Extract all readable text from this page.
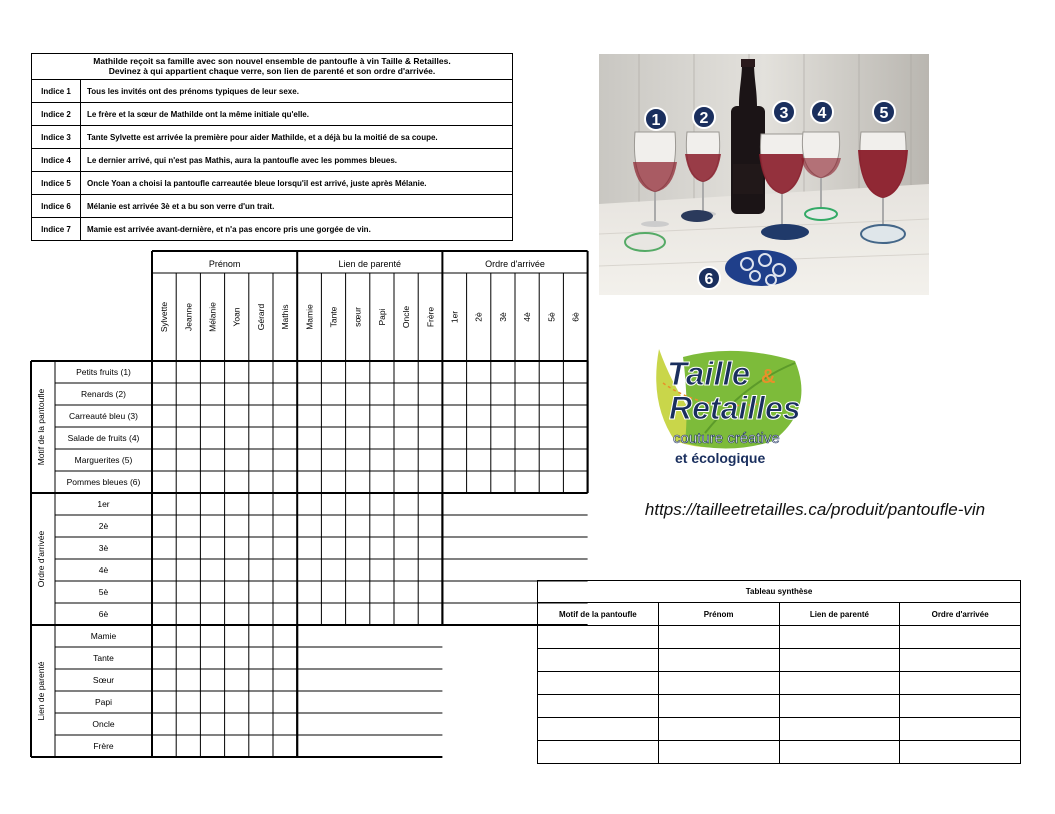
Mathilde reçoit sa famille avec son nouvel ensemble de pantoufle à vin Taille & Retailles.
Devinez à qui appartient chaque verre, son lien de parenté et son ordre d'arrivée.
Indice 1	Tous les invités ont des prénoms typiques de leur sexe.
Indice 2	Le frère et la sœur de Mathilde ont la même initiale qu'elle.
Indice 3	Tante Sylvette est arrivée la première pour aider Mathilde, et a déjà bu la moitié de sa coupe.
Indice 4	Le dernier arrivé, qui n'est pas Mathis, aura la pantoufle avec les pommes bleues.
Indice 5	Oncle Yoan a choisi la pantoufle carreautée bleue lorsqu'il est arrivé, juste après Mélanie.
Indice 6	Mélanie est arrivée 3è et a bu son verre d'un trait.
Indice 7	Mamie est arrivée avant-dernière, et n'a pas encore pris une gorgée de vin.
1 2	3 4	5
6
Prénom	Lien de parenté	Ordre d'arrivée
Sylvette Jeanne Mélanie Yoan Gérard Mathis Mamie Tante sœur Papi Oncle Frère 1er 2è 3è 4è 5è 6è
Petits fruits (1)
Renards (2)
Carreauté bleu (3)
Salade de fruits (4)
Marguerites (5)
Pommes bleues (6)
Motif de la pantoufle
1er
2è
3è
4è
5è
6è
Ordre d'arrivée
Mamie
Tante
Sœur
Papi
Oncle
Frère
Lien de parenté
Taille &
Retailles
couture créative
et écologique
https://tailleetretailles.ca/produit/pantoufle-vin
Tableau synthèse
Motif de la pantoufle	Prénom	Lien de parenté	Ordre d'arrivée
